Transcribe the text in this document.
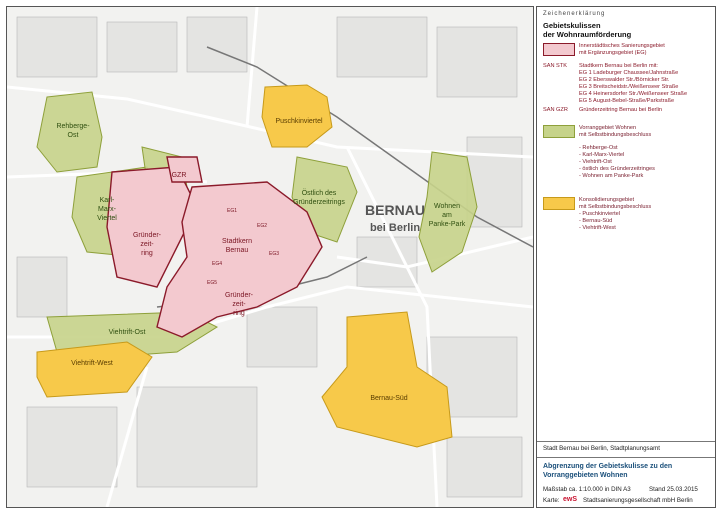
Rehberge-
Ost
Karl-
Marx-
Viertel
Östlich des
Gründerzeitrings
Wohnen
am
Panke-Park
Viehtrift-Ost
Puschkinviertel
Viehtrift-West
Bernau-Süd
GZR
Gründer-
zeit-
ring
Stadtkern
Bernau
Gründer-
zeit-
ring
EG1
EG2
EG3
EG4
EG5
BERNAU
bei Berlin
Zeichenerklärung
Gebietskulissen
der Wohnraumförderung
Innerstädtisches Sanierungsgebiet
mit Ergänzungsgebiet (EG)
SAN STK Stadtkern Bernau bei Berlin mit:
EG 1 Ladeburger Chaussee/Jahnstraße
EG 2 Eberswalder Str./Börnicker Str.
EG 3 Breitscheidstr./Weißenseer Straße
EG 4 Heinersdorfer Str./Weißenseer Straße
EG 5 August-Bebel-Straße/Parkstraße
SAN GZR Gründerzeitring Bernau bei Berlin
Vorranggebiet Wohnen
mit Selbstbindungsbeschluss
- Rehberge-Ost
- Karl-Marx-Viertel
- Viehtrift-Ost
- östlich des Gründerzeitringes
- Wohnen am Panke-Park
Konsolidierungsgebiet
mit Selbstbindungsbeschluss
- Puschkinviertel
- Bernau-Süd
- Viehtrift-West
Stadt Bernau bei Berlin, Stadtplanungsamt
Abgrenzung der Gebietskulisse zu den
Vorranggebieten Wohnen
Maßstab ca. 1:10.000 in DIN A3	Stand 25.03.2015
Karte: ewS Stadtsanierungsgesellschaft mbH Berlin
